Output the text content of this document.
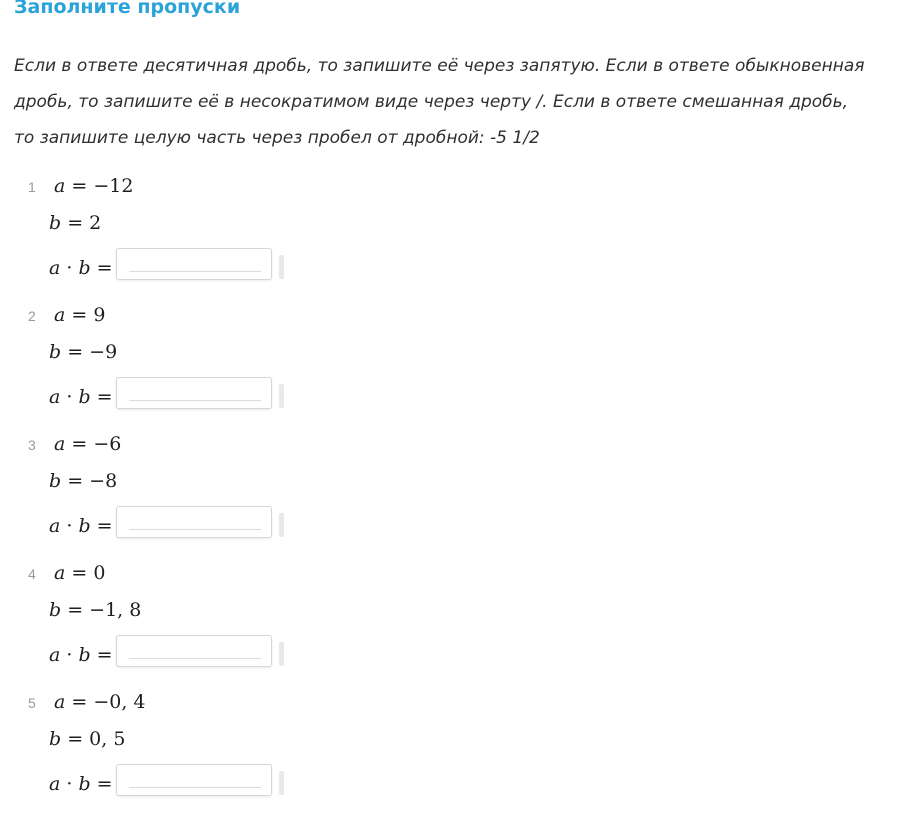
Заполните пропуски
Если в ответе десятичная дробь, то запишите её через запятую. Если в ответе обыкновенная
дробь, то запишите её в несократимом виде через черту /. Если в ответе смешанная дробь,
то запишите целую часть через пробел от дробной: -5 1/2
1 a = −12
b = 2
a · b =
2 a = 9
b = −9
a · b =
3 a = −6
b = −8
a · b =
4 a = 0
b = −1, 8
a · b =
5 a = −0, 4
b = 0, 5
a · b =
